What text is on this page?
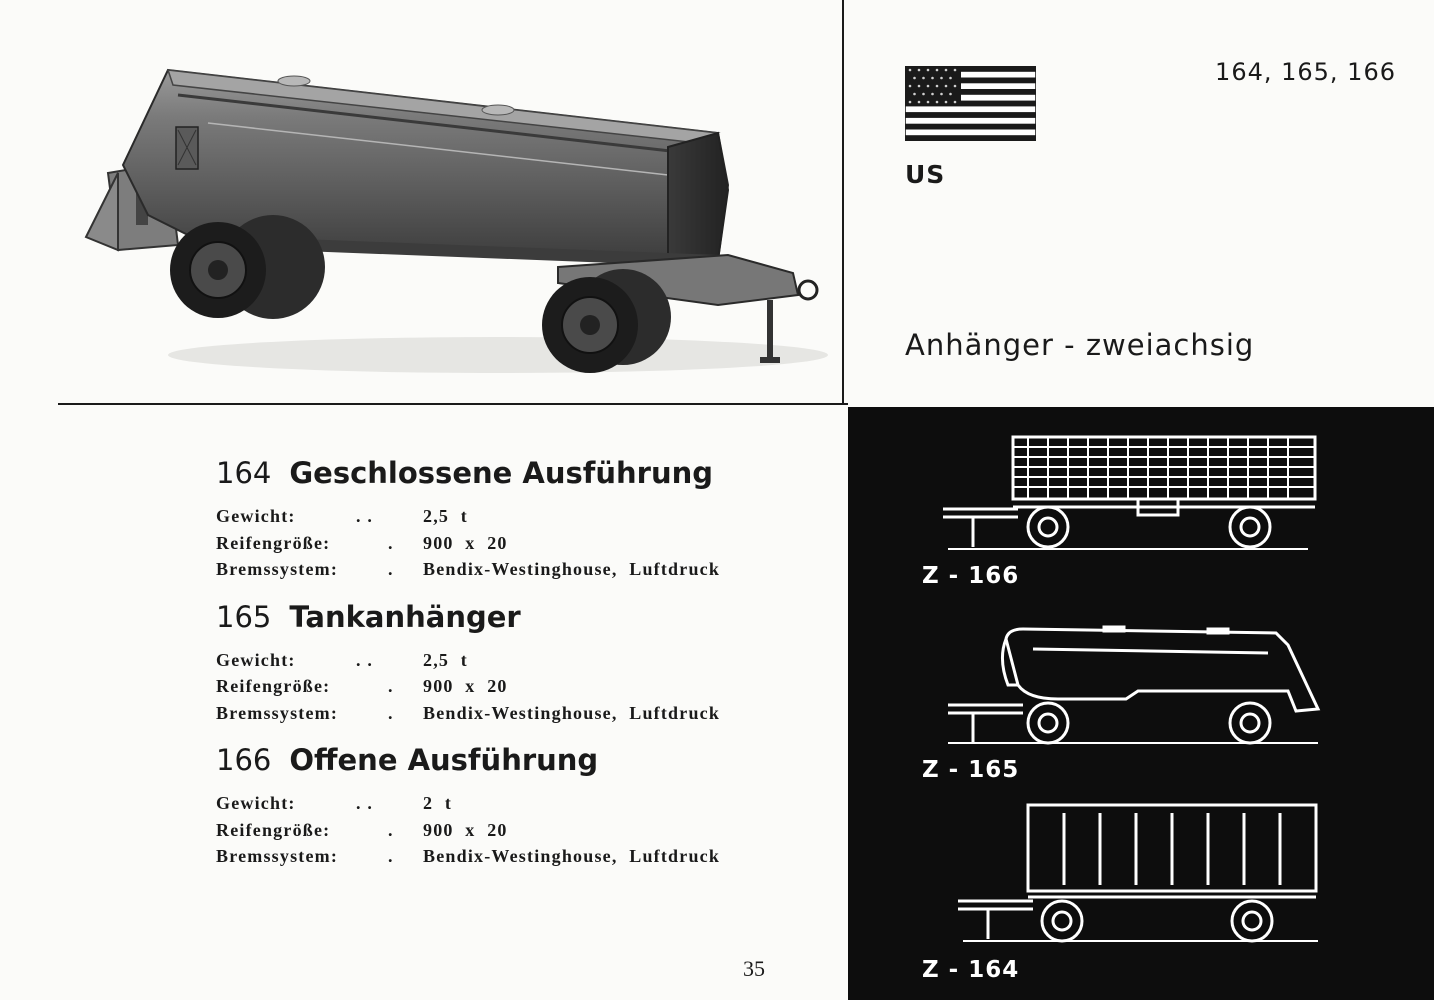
US
164, 165, 166
Anhänger - zweiachsig
164 Geschlossene Ausführung
Gewicht:	. .	2,5 t
Reifengröße:	.	900 x 20
Bremssystem:	.	Bendix-Westinghouse, Luftdruck
165 Tankanhänger
Gewicht:	. .	2,5 t
Reifengröße:	.	900 x 20
Bremssystem:	.	Bendix-Westinghouse, Luftdruck
166 Offene Ausführung
Gewicht:	. .	2 t
Reifengröße:	.	900 x 20
Bremssystem:	.	Bendix-Westinghouse, Luftdruck
35
Z - 166
Z - 165
Z - 164
